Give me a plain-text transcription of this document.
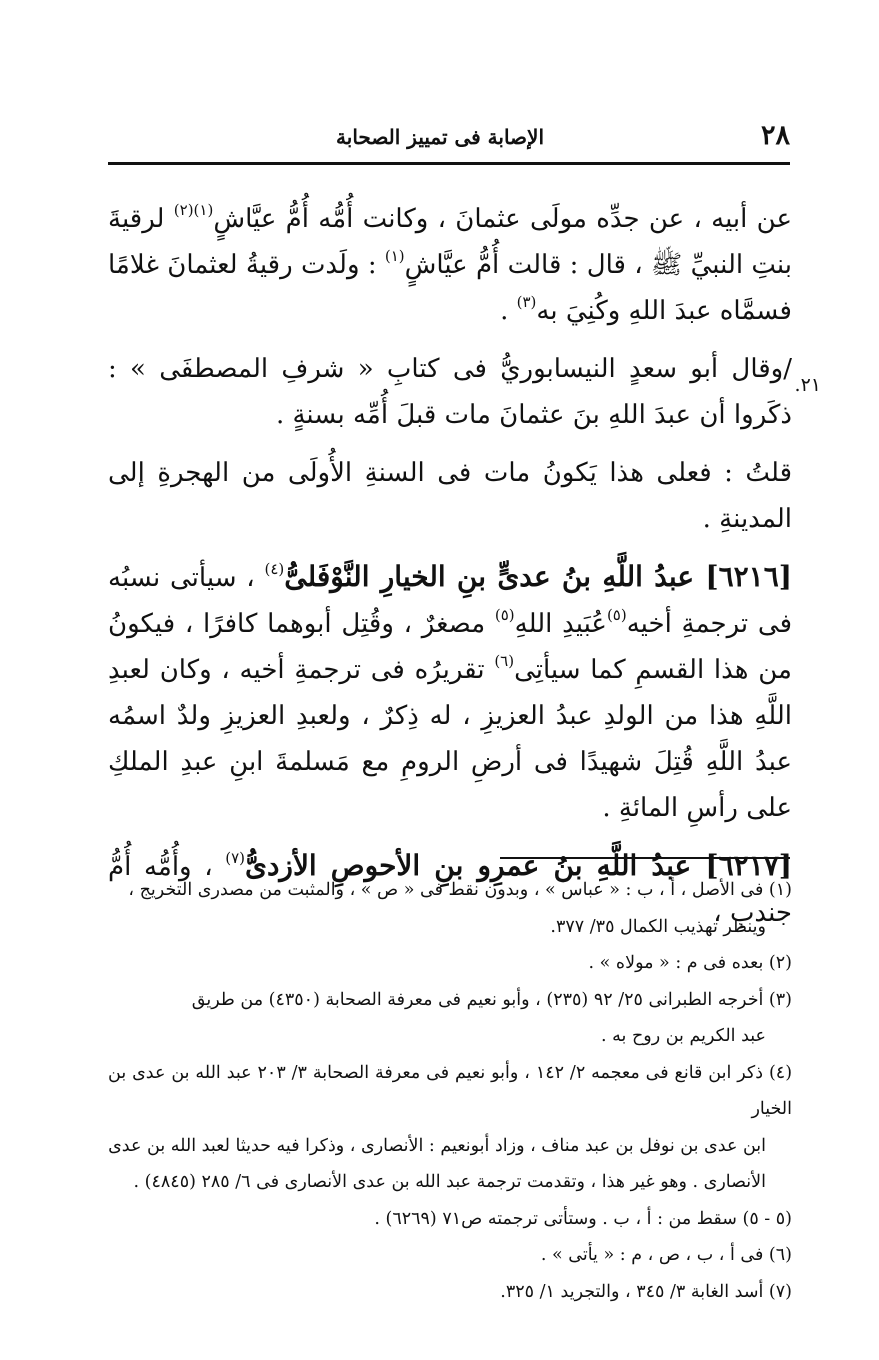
٢٨
الإصابة فى تمييز الصحابة
٢١.

عن أبيه ، عن جدِّه مولَى عثمانَ ، وكانت أُمُّه أُمُّ عيَّاشٍ$^{(١)(٢)}$ لرقيةَ بنتِ النبيِّ ﷺ ، قال : قالت أُمُّ عيَّاشٍ$^{(١)}$ : ولَدت رقيةُ لعثمانَ غلامًا فسمَّاه عبدَ اللهِ وكُنِيَ به$^{(٣)}$ .

/وقال أبو سعدٍ النيسابوريُّ فى كتابِ « شرفِ المصطفَى » : ذكَروا أن عبدَ اللهِ بنَ عثمانَ مات قبلَ أُمِّه بسنةٍ .

قلتُ : فعلى هذا يَكونُ مات فى السنةِ الأُولَى من الهجرةِ إلى المدينةِ .

[٦٢١٦] عبدُ اللَّهِ بنُ عدىٍّ بنِ الخيارِ النَّوْفَلىُّ$^{(٤)}$ ، سيأتى نسبُه فى ترجمةِ أخيه$^{(٥)}$عُبَيدِ اللهِ$^{(٥)}$ مصغرٌ ، وقُتِل أبوهما كافرًا ، فيكونُ من هذا القسمِ كما سيأتِى$^{(٦)}$ تقريرُه فى ترجمةِ أخيه ، وكان لعبدِ اللَّهِ هذا من الولدِ عبدُ العزيزِ ، له ذِكرٌ ، ولعبدِ العزيزِ ولدٌ اسمُه عبدُ اللَّهِ قُتِلَ شهيدًا فى أرضِ الرومِ مع مَسلمةَ ابنِ عبدِ الملكِ على رأسِ المائةِ .

[٦٢١٧] عبدُ اللَّهِ بنُ عمرِو بنِ الأحوصِ الأزدىُّ$^{(٧)}$ ، وأُمُّه أُمُّ جندبٍ ،

(١) فى الأصل ، أ ، ب : « عباس » ، وبدون نقط فى « ص » ، والمثبت من مصدرى التخريج ،

وينظر تهذيب الكمال ٣٥/ ٣٧٧.

(٢) بعده فى م : « مولاه » .

(٣) أخرجه الطبرانى ٢٥/ ٩٢ (٢٣٥) ، وأبو نعيم فى معرفة الصحابة (٤٣٥٠) من طريق

عبد الكريم بن روح به .

(٤) ذكر ابن قانع فى معجمه ٢/ ١٤٢ ، وأبو نعيم فى معرفة الصحابة ٣/ ٢٠٣ عبد الله بن عدى بن الخيار

ابن عدى بن نوفل بن عبد مناف ، وزاد أبونعيم : الأنصارى ، وذكرا فيه حديثا لعبد الله بن عدى

الأنصارى . وهو غير هذا ، وتقدمت ترجمة عبد الله بن عدى الأنصارى فى ٦/ ٢٨٥ (٤٨٤٥) .

(٥ - ٥) سقط من : أ ، ب . وستأتى ترجمته ص٧١ (٦٢٦٩) .

(٦) فى أ ، ب ، ص ، م : « يأتى » .

(٧) أسد الغابة ٣/ ٣٤٥ ، والتجريد ١/ ٣٢٥.
